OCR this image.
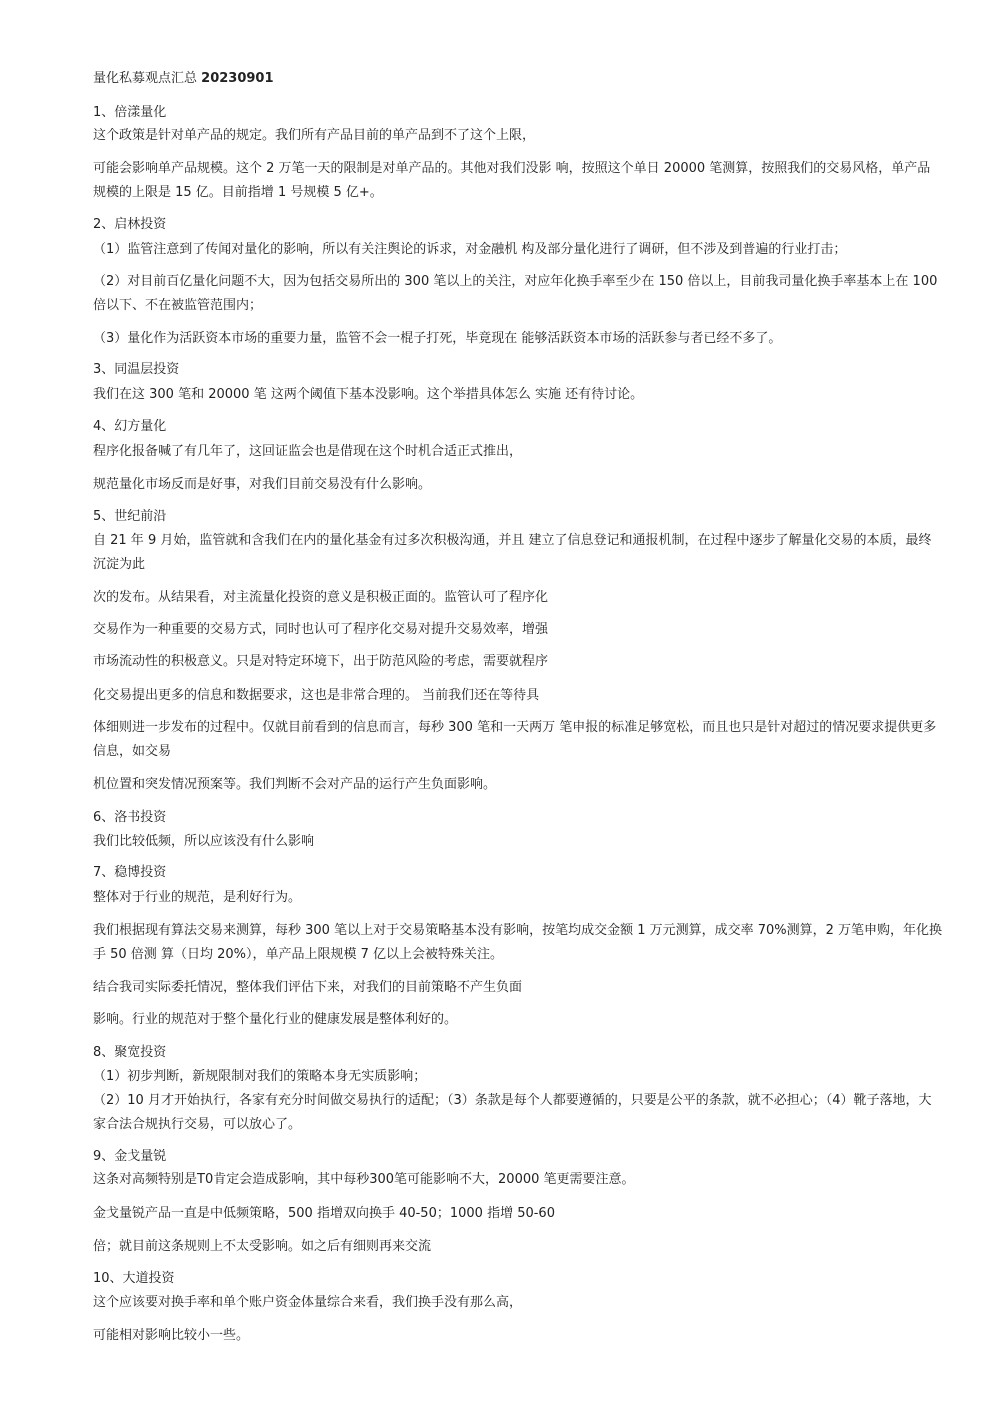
量化私募观点汇总 20230901
1、倍漾量化
这个政策是针对单产品的规定。我们所有产品目前的单产品到不了这个上限，
可能会影响单产品规模。这个 2 万笔一天的限制是对单产品的。其他对我们没影 响，按照这个单日 20000 笔测算，按照我们的交易风格，单产品规模的上限是 15 亿。目前指增 1 号规模 5 亿+。
2、启林投资
（1）监管注意到了传闻对量化的影响，所以有关注舆论的诉求，对金融机 构及部分量化进行了调研，但不涉及到普遍的行业打击；
（2）对目前百亿量化问题不大，因为包括交易所出的 300 笔以上的关注，对应年化换手率至少在 150 倍以上，目前我司量化换手率基本上在 100 倍以下、不在被监管范围内；
（3）量化作为活跃资本市场的重要力量，监管不会一棍子打死，毕竟现在 能够活跃资本市场的活跃参与者已经不多了。
3、同温层投资
我们在这 300 笔和 20000 笔 这两个阈值下基本没影响。这个举措具体怎么 实施 还有待讨论。
4、幻方量化
程序化报备喊了有几年了，这回证监会也是借现在这个时机合适正式推出，
规范量化市场反而是好事，对我们目前交易没有什么影响。
5、世纪前沿
自 21 年 9 月始，监管就和含我们在内的量化基金有过多次积极沟通，并且 建立了信息登记和通报机制，在过程中逐步了解量化交易的本质，最终沉淀为此
次的发布。从结果看，对主流量化投资的意义是积极正面的。监管认可了程序化
交易作为一种重要的交易方式，同时也认可了程序化交易对提升交易效率，增强
市场流动性的积极意义。只是对特定环境下，出于防范风险的考虑，需要就程序
化交易提出更多的信息和数据要求，这也是非常合理的。 当前我们还在等待具
体细则进一步发布的过程中。仅就目前看到的信息而言，每秒 300 笔和一天两万 笔申报的标准足够宽松，而且也只是针对超过的情况要求提供更多信息，如交易
机位置和突发情况预案等。我们判断不会对产品的运行产生负面影响。
6、洛书投资
我们比较低频，所以应该没有什么影响
7、稳博投资
整体对于行业的规范，是利好行为。
我们根据现有算法交易来测算，每秒 300 笔以上对于交易策略基本没有影响，按笔均成交金额 1 万元测算，成交率 70%测算，2 万笔申购，年化换手 50 倍测 算（日均 20%），单产品上限规模 7 亿以上会被特殊关注。
结合我司实际委托情况，整体我们评估下来，对我们的目前策略不产生负面
影响。行业的规范对于整个量化行业的健康发展是整体利好的。
8、聚宽投资
（1）初步判断，新规限制对我们的策略本身无实质影响；
（2）10 月才开始执行，各家有充分时间做交易执行的适配；（3）条款是每个人都要遵循的，只要是公平的条款，就不必担心；（4）靴子落地，大家合法合规执行交易，可以放心了。
9、金戈量锐
这条对高频特别是T0肯定会造成影响，其中每秒300笔可能影响不大，20000 笔更需要注意。
金戈量锐产品一直是中低频策略，500 指增双向换手 40-50；1000 指增 50-60
倍；就目前这条规则上不太受影响。如之后有细则再来交流
10、大道投资
这个应该要对换手率和单个账户资金体量综合来看，我们换手没有那么高，
可能相对影响比较小一些。
